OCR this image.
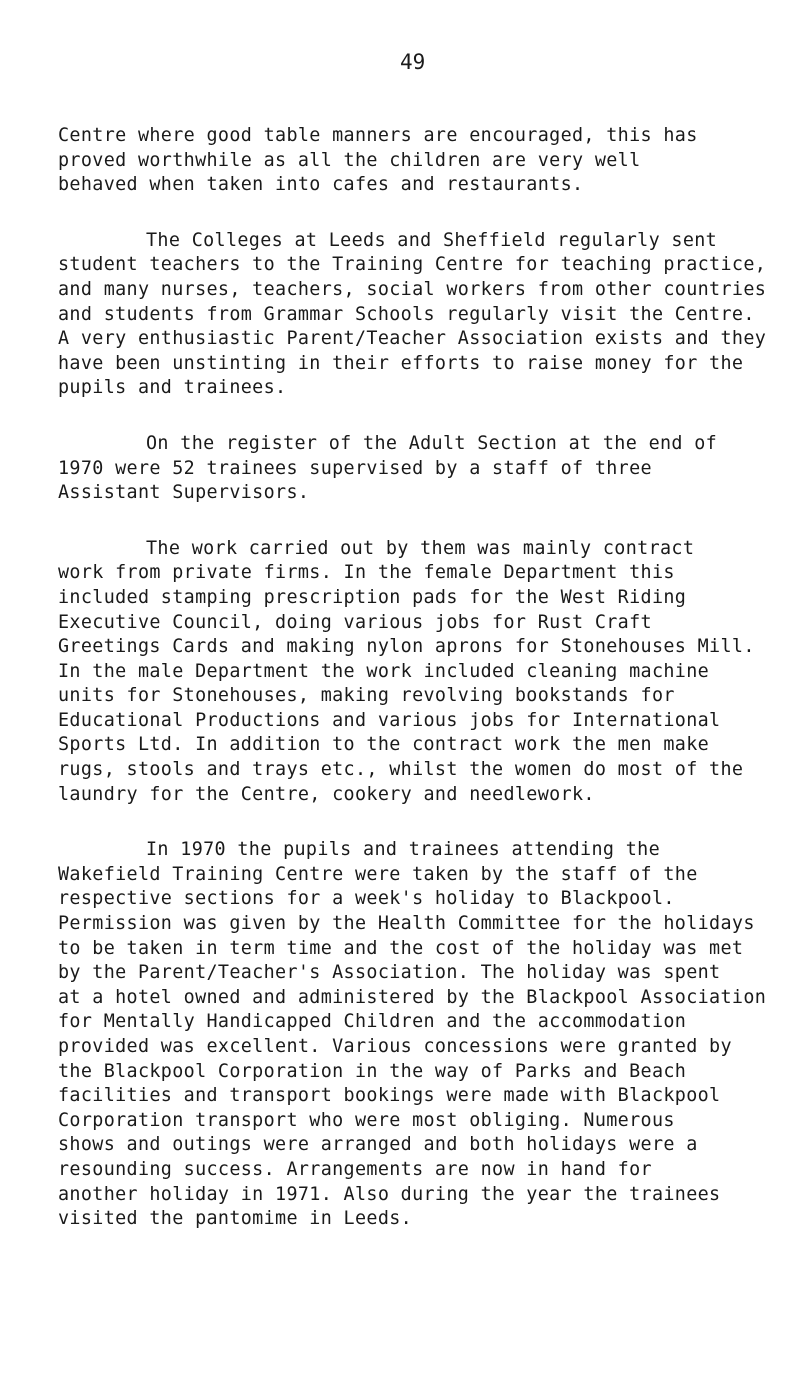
49
Centre where good table manners are encouraged, this has
proved worthwhile as all the children are very well
behaved when taken into cafes and restaurants.
The Colleges at Leeds and Sheffield regularly sent
student teachers to the Training Centre for teaching practice,
and many nurses, teachers, social workers from other countries
and students from Grammar Schools regularly visit the Centre.
A very enthusiastic Parent/Teacher Association exists and they
have been unstinting in their efforts to raise money for the
pupils and trainees.
On the register of the Adult Section at the end of
1970 were 52 trainees supervised by a staff of three
Assistant Supervisors.
The work carried out by them was mainly contract
work from private firms. In the female Department this
included stamping prescription pads for the West Riding
Executive Council, doing various jobs for Rust Craft
Greetings Cards and making nylon aprons for Stonehouses Mill.
In the male Department the work included cleaning machine
units for Stonehouses, making revolving bookstands for
Educational Productions and various jobs for International
Sports Ltd. In addition to the contract work the men make
rugs, stools and trays etc., whilst the women do most of the
laundry for the Centre, cookery and needlework.
In 1970 the pupils and trainees attending the
Wakefield Training Centre were taken by the staff of the
respective sections for a week's holiday to Blackpool.
Permission was given by the Health Committee for the holidays
to be taken in term time and the cost of the holiday was met
by the Parent/Teacher's Association. The holiday was spent
at a hotel owned and administered by the Blackpool Association
for Mentally Handicapped Children and the accommodation
provided was excellent. Various concessions were granted by
the Blackpool Corporation in the way of Parks and Beach
facilities and transport bookings were made with Blackpool
Corporation transport who were most obliging. Numerous
shows and outings were arranged and both holidays were a
resounding success. Arrangements are now in hand for
another holiday in 1971. Also during the year the trainees
visited the pantomime in Leeds.
